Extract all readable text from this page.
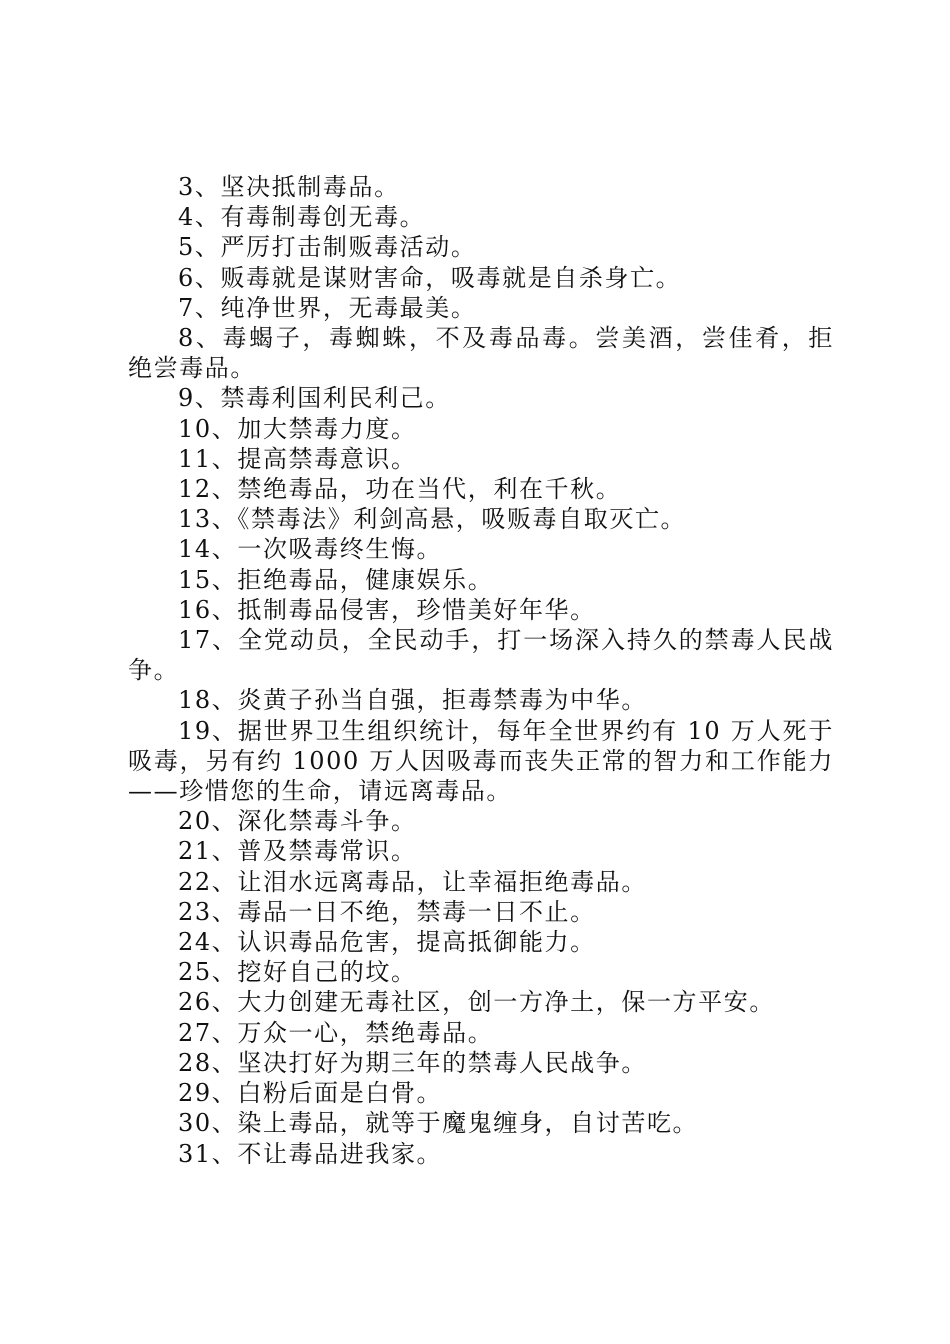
3、坚决抵制毒品。

4、有毒制毒创无毒。

5、严厉打击制贩毒活动。

6、贩毒就是谋财害命，吸毒就是自杀身亡。

7、纯净世界，无毒最美。

8、毒蝎子，毒蜘蛛，不及毒品毒。尝美酒，尝佳肴，拒绝尝毒品。

9、禁毒利国利民利己。

10、加大禁毒力度。

11、提高禁毒意识。

12、禁绝毒品，功在当代，利在千秋。

13、《禁毒法》利剑高悬，吸贩毒自取灭亡。

14、一次吸毒终生悔。

15、拒绝毒品，健康娱乐。

16、抵制毒品侵害，珍惜美好年华。

17、全党动员，全民动手，打一场深入持久的禁毒人民战争。

18、炎黄子孙当自强，拒毒禁毒为中华。

19、据世界卫生组织统计，每年全世界约有 10 万人死于吸毒，另有约 1000 万人因吸毒而丧失正常的智力和工作能力——珍惜您的生命，请远离毒品。

20、深化禁毒斗争。

21、普及禁毒常识。

22、让泪水远离毒品，让幸福拒绝毒品。

23、毒品一日不绝，禁毒一日不止。

24、认识毒品危害，提高抵御能力。

25、挖好自己的坟。

26、大力创建无毒社区，创一方净土，保一方平安。

27、万众一心，禁绝毒品。

28、坚决打好为期三年的禁毒人民战争。

29、白粉后面是白骨。

30、染上毒品，就等于魔鬼缠身，自讨苦吃。

31、不让毒品进我家。
